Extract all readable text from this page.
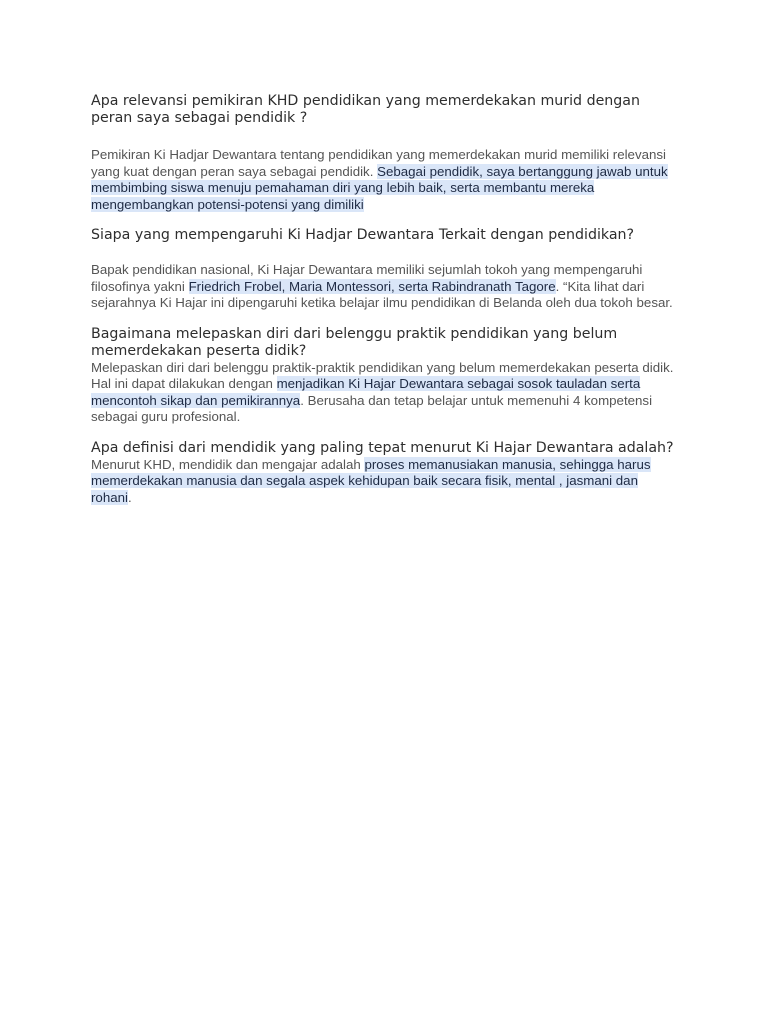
Apa relevansi pemikiran KHD pendidikan yang memerdekakan murid dengan peran saya sebagai pendidik ?

Pemikiran Ki Hadjar Dewantara tentang pendidikan yang memerdekakan murid memiliki relevansi yang kuat dengan peran saya sebagai pendidik. Sebagai pendidik, saya bertanggung jawab untuk membimbing siswa menuju pemahaman diri yang lebih baik, serta membantu mereka mengembangkan potensi-potensi yang dimiliki

Siapa yang mempengaruhi Ki Hadjar Dewantara Terkait dengan pendidikan?

Bapak pendidikan nasional, Ki Hajar Dewantara memiliki sejumlah tokoh yang mempengaruhi filosofinya yakni Friedrich Frobel, Maria Montessori, serta Rabindranath Tagore. “Kita lihat dari sejarahnya Ki Hajar ini dipengaruhi ketika belajar ilmu pendidikan di Belanda oleh dua tokoh besar.

Bagaimana melepaskan diri dari belenggu praktik pendidikan yang belum memerdekakan peserta didik?

Melepaskan diri dari belenggu praktik-praktik pendidikan yang belum memerdekakan peserta didik. Hal ini dapat dilakukan dengan menjadikan Ki Hajar Dewantara sebagai sosok tauladan serta mencontoh sikap dan pemikirannya. Berusaha dan tetap belajar untuk memenuhi 4 kompetensi sebagai guru profesional.

Apa definisi dari mendidik yang paling tepat menurut Ki Hajar Dewantara adalah?

Menurut KHD, mendidik dan mengajar adalah proses memanusiakan manusia, sehingga harus memerdekakan manusia dan segala aspek kehidupan baik secara fisik, mental , jasmani dan rohani.
